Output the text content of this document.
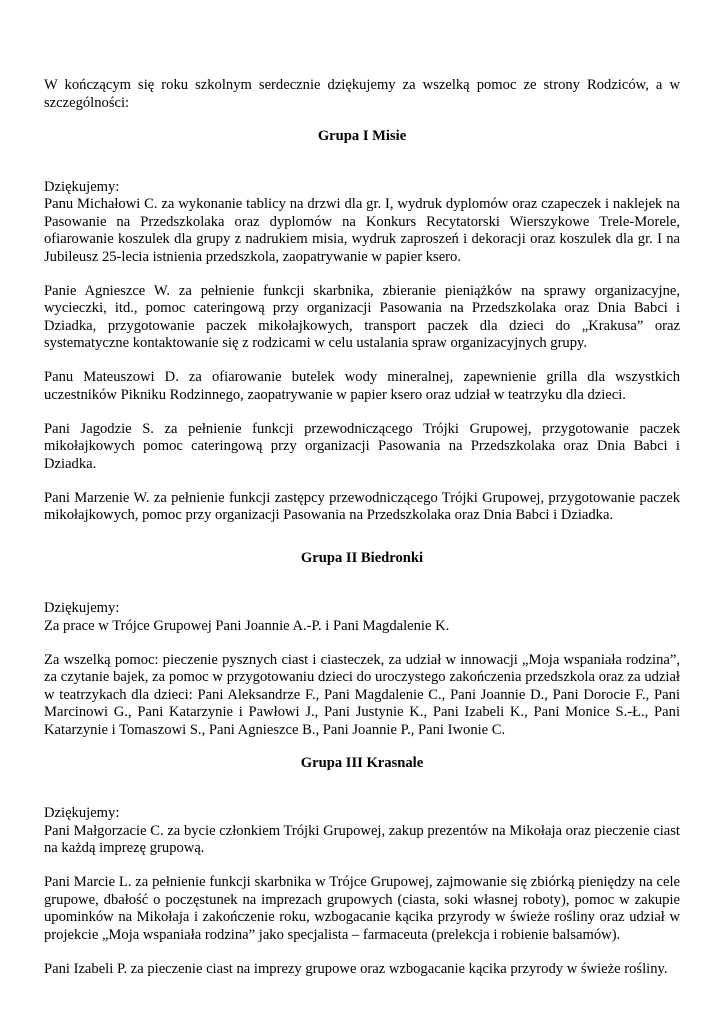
W kończącym się roku szkolnym serdecznie dziękujemy za wszelką pomoc ze strony Rodziców, a w szczególności:

Grupa I Misie

Dziękujemy:
Panu Michałowi C. za wykonanie tablicy na drzwi dla gr. I, wydruk dyplomów oraz czapeczek i naklejek na Pasowanie na Przedszkolaka oraz dyplomów na Konkurs Recytatorski Wierszykowe Trele-Morele, ofiarowanie koszulek dla grupy z nadrukiem misia, wydruk zaproszeń i dekoracji oraz koszulek dla gr. I na Jubileusz 25-lecia istnienia przedszkola, zaopatrywanie w papier ksero.

Panie Agnieszce W. za pełnienie funkcji skarbnika, zbieranie pieniążków na sprawy organizacyjne, wycieczki, itd., pomoc cateringową przy organizacji Pasowania na Przedszkolaka oraz Dnia Babci i Dziadka, przygotowanie paczek mikołajkowych, transport paczek dla dzieci do „Krakusa” oraz systematyczne kontaktowanie się z rodzicami w celu ustalania spraw organizacyjnych grupy.

Panu Mateuszowi D. za ofiarowanie butelek wody mineralnej, zapewnienie grilla dla wszystkich uczestników Pikniku Rodzinnego, zaopatrywanie w papier ksero oraz udział w teatrzyku dla dzieci.

Pani Jagodzie S. za pełnienie funkcji przewodniczącego Trójki Grupowej, przygotowanie paczek mikołajkowych pomoc cateringową przy organizacji Pasowania na Przedszkolaka oraz Dnia Babci i Dziadka.

Pani Marzenie W. za pełnienie funkcji zastępcy przewodniczącego Trójki Grupowej, przygotowanie paczek mikołajkowych, pomoc przy organizacji Pasowania na Przedszkolaka oraz Dnia Babci i Dziadka.

Grupa II Biedronki

Dziękujemy:
Za prace w Trójce Grupowej Pani Joannie A.-P. i Pani Magdalenie K.

Za wszelką pomoc: pieczenie pysznych ciast i ciasteczek, za udział w innowacji „Moja wspaniała rodzina”, za czytanie bajek, za pomoc w przygotowaniu dzieci do uroczystego zakończenia przedszkola oraz za udział w teatrzykach dla dzieci: Pani Aleksandrze F., Pani Magdalenie C., Pani Joannie D., Pani Dorocie F., Pani Marcinowi G., Pani Katarzynie i Pawłowi J., Pani Justynie K., Pani Izabeli K., Pani Monice S.-Ł., Pani Katarzynie i Tomaszowi S., Pani Agnieszce B., Pani Joannie P., Pani Iwonie C.

Grupa III Krasnale

Dziękujemy:
Pani Małgorzacie C. za bycie członkiem Trójki Grupowej, zakup prezentów na Mikołaja oraz pieczenie ciast na każdą imprezę grupową.

Pani Marcie L. za pełnienie funkcji skarbnika w Trójce Grupowej, zajmowanie się zbiórką pieniędzy na cele grupowe, dbałość o poczęstunek na imprezach grupowych (ciasta, soki własnej roboty), pomoc w zakupie upominków na Mikołaja i zakończenie roku, wzbogacanie kącika przyrody w świeże rośliny oraz udział w projekcie „Moja wspaniała rodzina” jako specjalista – farmaceuta (prelekcja i robienie balsamów).

Pani Izabeli P. za pieczenie ciast na imprezy grupowe oraz wzbogacanie kącika przyrody w świeże rośliny.
